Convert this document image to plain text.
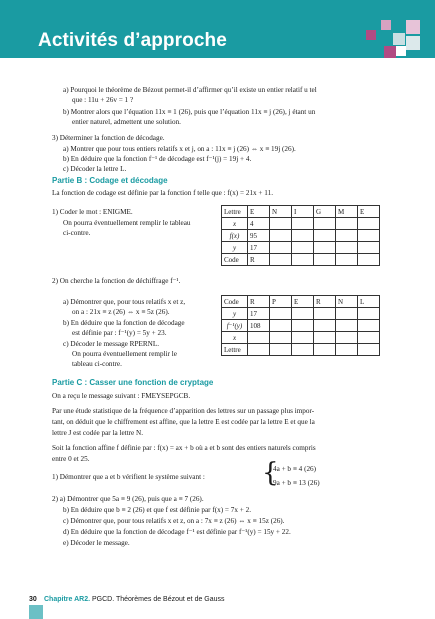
Activités d’approche
a) Pourquoi le théorème de Bézout permet-il d’affirmer qu’il existe un entier relatif u tel
que : 11u + 26v = 1 ?
b) Montrer alors que l’équation 11x ≡ 1 (26), puis que l’équation 11x ≡ j (26), j étant un
entier naturel, admettent une solution.
3) Déterminer la fonction de décodage.
a) Montrer que pour tous entiers relatifs x et j, on a : 11x ≡ j (26) ⇔ x ≡ 19j (26).
b) En déduire que la fonction f⁻¹ de décodage est f⁻¹(j) = 19j + 4.
c) Décoder la lettre L.
Partie B : Codage et décodage
La fonction de codage est définie par la fonction f telle que : f(x) = 21x + 11.
1) Coder le mot : ENIGME.
On pourra éventuellement remplir le tableau
ci-contre.
Lettre	E	N	I	G	M	E
x	4					
f(x)	95					
y	17					
Code	R					
2) On cherche la fonction de déchiffrage f⁻¹.
a) Démontrer que, pour tous relatifs x et z,
on a : 21x ≡ z (26) ⇔ x ≡ 5z (26).
b) En déduire que la fonction de décodage
est définie par : f⁻¹(y) = 5y + 23.
c) Décoder le message RPERNL.
On pourra éventuellement remplir le
tableau ci-contre.
Code	R	P	E	R	N	L
y	17					
f⁻¹(y)	108					
x						
Lettre						
Partie C : Casser une fonction de cryptage
On a reçu le message suivant : FMEYSEPGCB.
Par une étude statistique de la fréquence d’apparition des lettres sur un passage plus impor-
tant, on déduit que le chiffrement est affine, que la lettre E est codée par la lettre E et que la
lettre J est codée par la lettre N.
Soit la fonction affine f définie par : f(x) = ax + b où a et b sont des entiers naturels compris
entre 0 et 25.
1) Démontrer que a et b vérifient le système suivant : {
4a + b ≡ 4 (26)
9a + b ≡ 13 (26)
2) a) Démontrer que 5a ≡ 9 (26), puis que a ≡ 7 (26).
b) En déduire que b ≡ 2 (26) et que f est définie par f(x) = 7x + 2.
c) Démontrer que, pour tous relatifs x et z, on a : 7x ≡ z (26) ⇔ x ≡ 15z (26).
d) En déduire que la fonction de décodage f⁻¹ est définie par f⁻¹(y) = 15y + 22.
e) Décoder le message.
30 Chapitre AR2. PGCD. Théorèmes de Bézout et de Gauss
